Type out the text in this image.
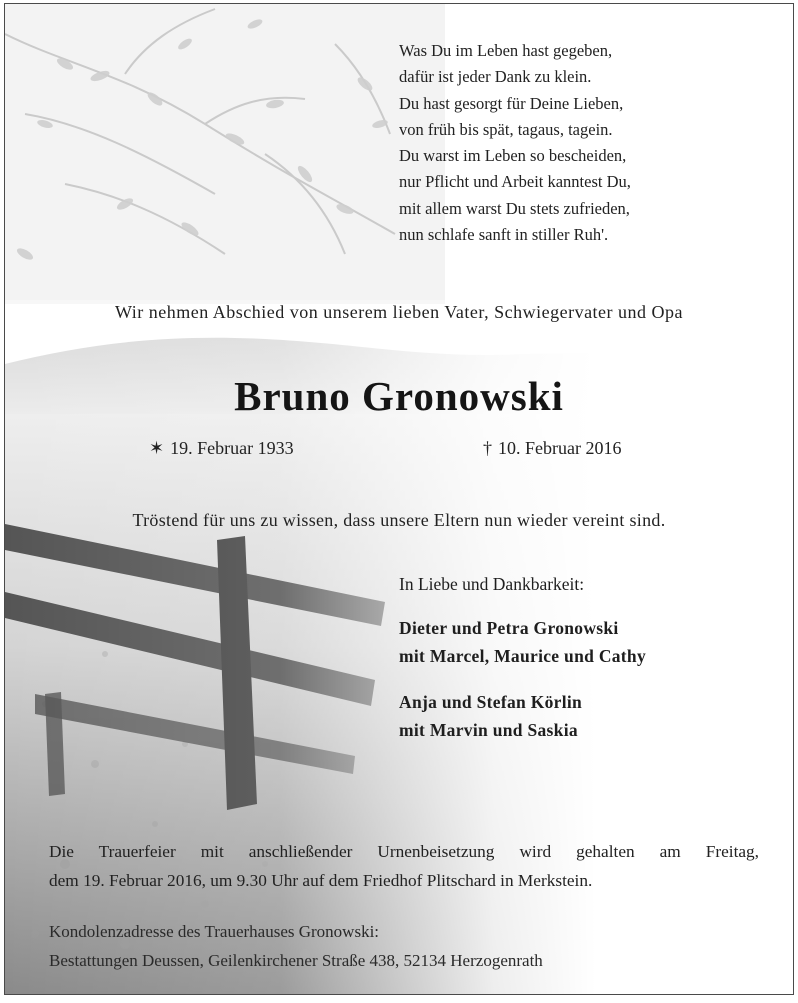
Was Du im Leben hast gegeben,
dafür ist jeder Dank zu klein.
Du hast gesorgt für Deine Lieben,
von früh bis spät, tagaus, tagein.
Du warst im Leben so bescheiden,
nur Pflicht und Arbeit kanntest Du,
mit allem warst Du stets zufrieden,
nun schlafe sanft in stiller Ruh'.
Wir nehmen Abschied von unserem lieben Vater, Schwiegervater und Opa
Bruno Gronowski
✶ 19. Februar 1933	† 10. Februar 2016
Tröstend für uns zu wissen, dass unsere Eltern nun wieder vereint sind.
In Liebe und Dankbarkeit:
Dieter und Petra Gronowski
mit Marcel, Maurice und Cathy
Anja und Stefan Körlin
mit Marvin und Saskia
Die Trauerfeier mit anschließender Urnenbeisetzung wird gehalten am Freitag,
dem 19. Februar 2016, um 9.30 Uhr auf dem Friedhof Plitschard in Merkstein.
Kondolenzadresse des Trauerhauses Gronowski:
Bestattungen Deussen, Geilenkirchener Straße 438, 52134 Herzogenrath
